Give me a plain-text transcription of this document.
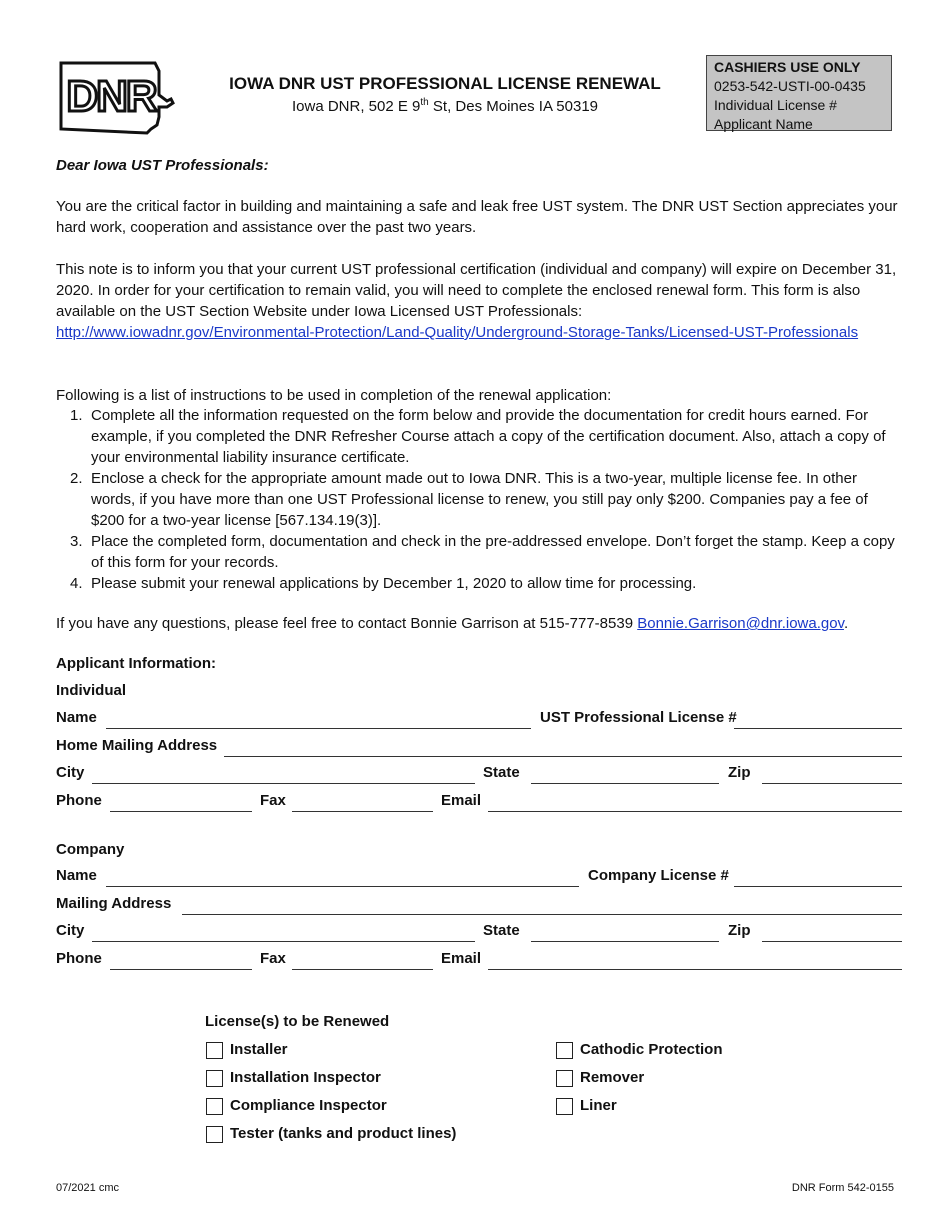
DNR	IOWA DNR UST PROFESSIONAL LICENSE RENEWAL
Iowa DNR, 502 E 9th St, Des Moines IA 50319
CASHIERS USE ONLY
0253-542-USTI-00-0435
Individual License #
Applicant Name
Dear Iowa UST Professionals:
You are the critical factor in building and maintaining a safe and leak free UST system. The DNR UST Section appreciates your hard work, cooperation and assistance over the past two years.
This note is to inform you that your current UST professional certification (individual and company) will expire on December 31, 2020. In order for your certification to remain valid, you will need to complete the enclosed renewal form. This form is also available on the UST Section Website under Iowa Licensed UST Professionals:
http://www.iowadnr.gov/Environmental-Protection/Land-Quality/Underground-Storage-Tanks/Licensed-UST-Professionals
Following is a list of instructions to be used in completion of the renewal application:
1. Complete all the information requested on the form below and provide the documentation for credit hours earned. For example, if you completed the DNR Refresher Course attach a copy of the certification document. Also, attach a copy of your environmental liability insurance certificate.
2. Enclose a check for the appropriate amount made out to Iowa DNR. This is a two-year, multiple license fee. In other words, if you have more than one UST Professional license to renew, you still pay only $200. Companies pay a fee of $200 for a two-year license [567.134.19(3)].
3. Place the completed form, documentation and check in the pre-addressed envelope. Don’t forget the stamp. Keep a copy of this form for your records.
4. Please submit your renewal applications by December 1, 2020 to allow time for processing.
If you have any questions, please feel free to contact Bonnie Garrison at 515-777-8539 Bonnie.Garrison@dnr.iowa.gov.
Applicant Information:
Individual
Name	UST Professional License #
Home Mailing Address
City	State	Zip
Phone	Fax	Email
Company
Name	Company License #
Mailing Address
City	State	Zip
Phone	Fax	Email
License(s) to be Renewed
Installer
Installation Inspector
Compliance Inspector
Tester (tanks and product lines)
Cathodic Protection
Remover
Liner
07/2021 cmc	DNR Form 542-0155
